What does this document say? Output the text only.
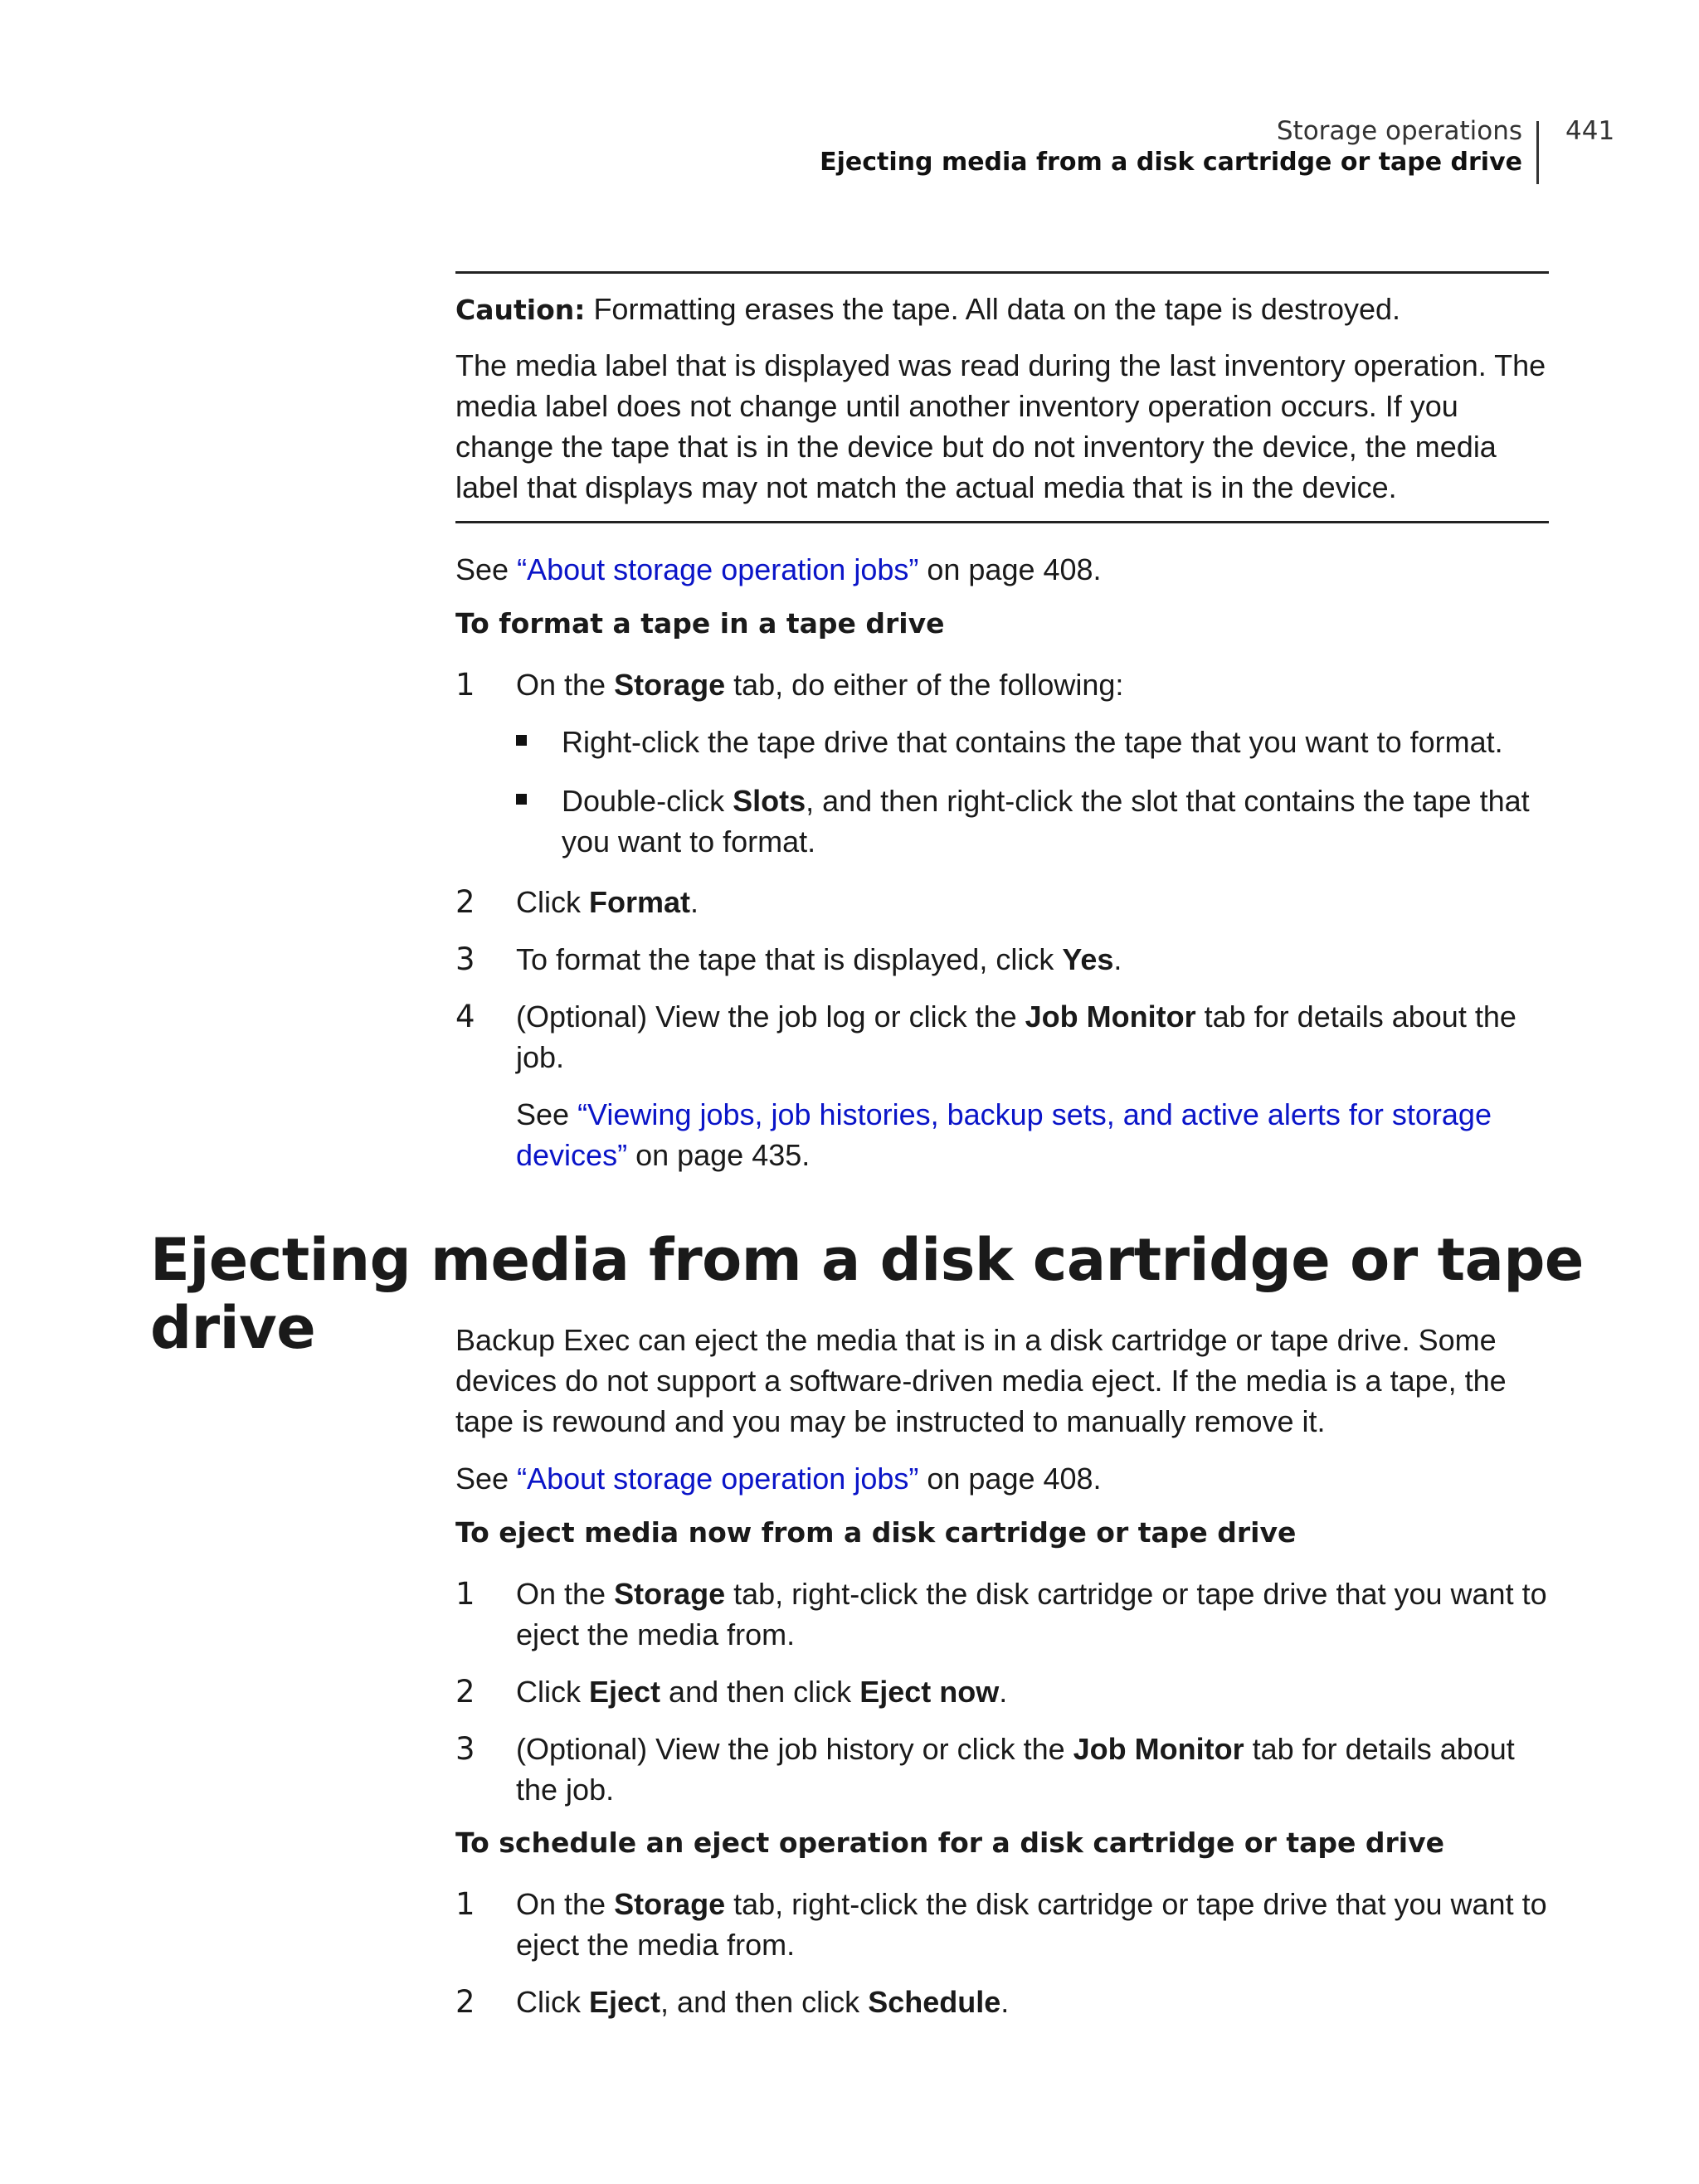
Storage operations
Ejecting media from a disk cartridge or tape drive
441

Caution: Formatting erases the tape. All data on the tape is destroyed.

The media label that is displayed was read during the last inventory operation. The media label does not change until another inventory operation occurs. If you change the tape that is in the device but do not inventory the device, the media label that displays may not match the actual media that is in the device.

See “About storage operation jobs” on page 408.

To format a tape in a tape drive
1 On the Storage tab, do either of the following:
Right-click the tape drive that contains the tape that you want to format.
Double-click Slots, and then right-click the slot that contains the tape that you want to format.
2 Click Format.
3 To format the tape that is displayed, click Yes.
4 (Optional) View the job log or click the Job Monitor tab for details about the job.

See “Viewing jobs, job histories, backup sets, and active alerts for storage devices” on page 435.

Ejecting media from a disk cartridge or tape drive	Backup Exec can eject the media that is in a disk cartridge or tape drive. Some devices do not support a software-driven media eject. If the media is a tape, the tape is rewound and you may be instructed to manually remove it.

See “About storage operation jobs” on page 408.

To eject media now from a disk cartridge or tape drive
1 On the Storage tab, right-click the disk cartridge or tape drive that you want to eject the media from.
2 Click Eject and then click Eject now.
3 (Optional) View the job history or click the Job Monitor tab for details about the job.
To schedule an eject operation for a disk cartridge or tape drive
1 On the Storage tab, right-click the disk cartridge or tape drive that you want to eject the media from.
2 Click Eject, and then click Schedule.
